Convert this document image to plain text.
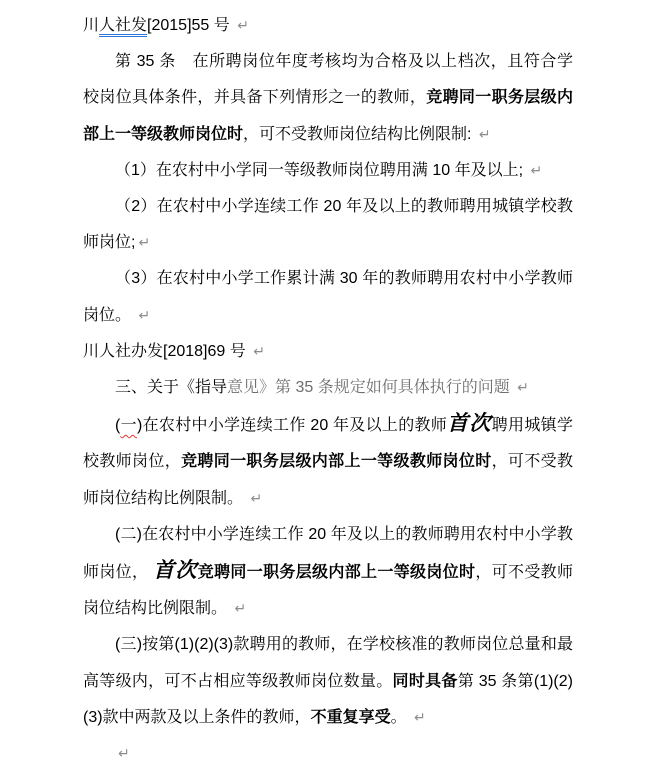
川人社发[2015]55 号 ↵

第 35 条　在所聘岗位年度考核均为合格及以上档次，且符合学校岗位具体条件，并具备下列情形之一的教师，竞聘同一职务层级内部上一等级教师岗位时，可不受教师岗位结构比例限制: ↵

（1）在农村中小学同一等级教师岗位聘用满 10 年及以上; ↵

（2）在农村中小学连续工作 20 年及以上的教师聘用城镇学校教师岗位; ↵

（3）在农村中小学工作累计满 30 年的教师聘用农村中小学教师岗位。 ↵

川人社办发[2018]69 号 ↵

三、关于《指导意见》第 35 条规定如何具体执行的问题 ↵

(一)在农村中小学连续工作 20 年及以上的教师首次聘用城镇学校教师岗位，竞聘同一职务层级内部上一等级教师岗位时，可不受教师岗位结构比例限制。 ↵

(二)在农村中小学连续工作 20 年及以上的教师聘用农村中小学教师岗位， 首次竞聘同一职务层级内部上一等级岗位时，可不受教师岗位结构比例限制。 ↵

(三)按第(1)(2)(3)款聘用的教师，在学校核准的教师岗位总量和最高等级内，可不占相应等级教师岗位数量。同时具备第 35 条第(1)(2)(3)款中两款及以上条件的教师，不重复享受。 ↵

↵
